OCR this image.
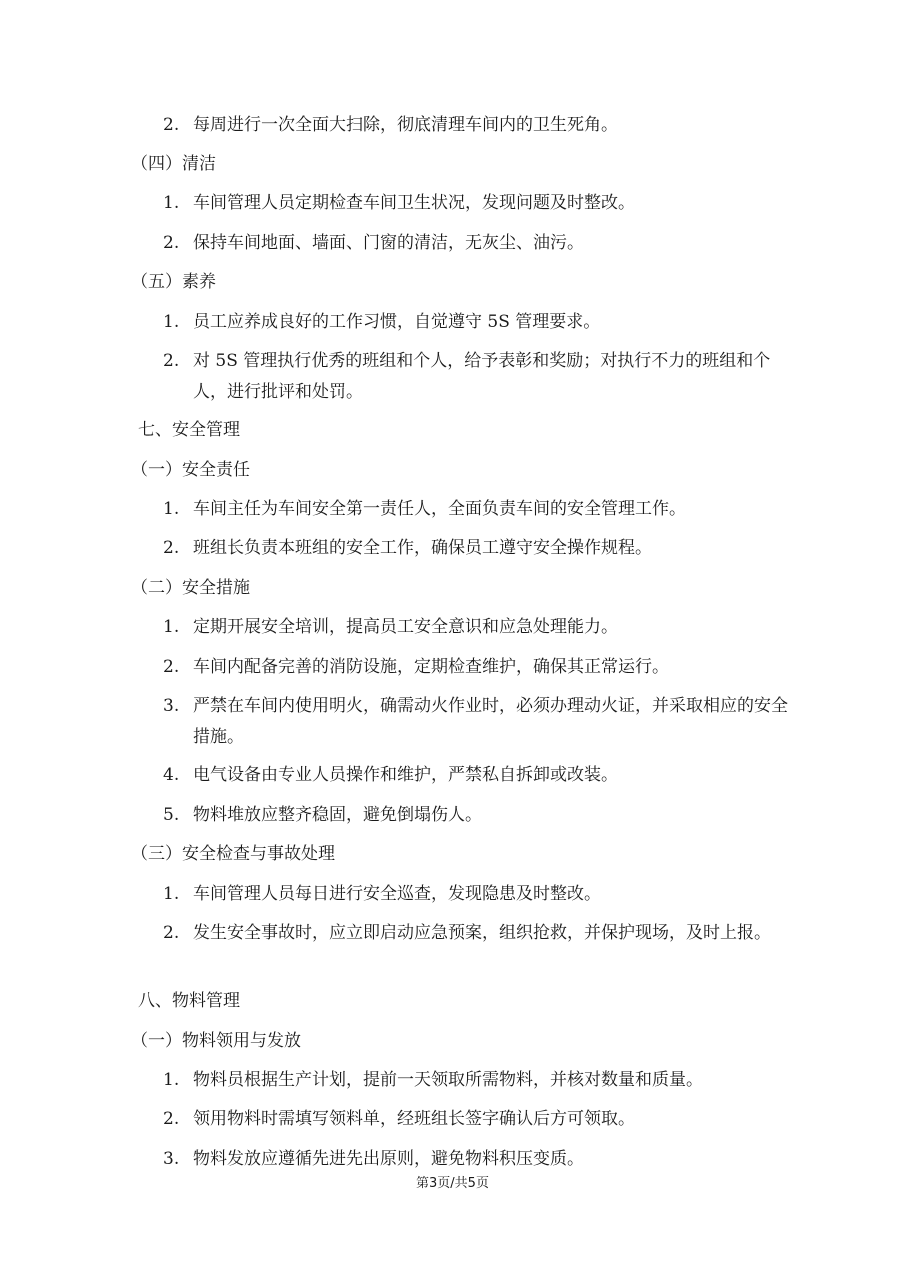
2. 每周进行一次全面大扫除，彻底清理车间内的卫生死角。
（四）清洁
1. 车间管理人员定期检查车间卫生状况，发现问题及时整改。
2. 保持车间地面、墙面、门窗的清洁，无灰尘、油污。
（五）素养
1. 员工应养成良好的工作习惯，自觉遵守 5S 管理要求。
2. 对 5S 管理执行优秀的班组和个人，给予表彰和奖励；对执行不力的班组和个人，进行批评和处罚。
七、安全管理
（一）安全责任
1. 车间主任为车间安全第一责任人，全面负责车间的安全管理工作。
2. 班组长负责本班组的安全工作，确保员工遵守安全操作规程。
（二）安全措施
1. 定期开展安全培训，提高员工安全意识和应急处理能力。
2. 车间内配备完善的消防设施，定期检查维护，确保其正常运行。
3. 严禁在车间内使用明火，确需动火作业时，必须办理动火证，并采取相应的安全措施。
4. 电气设备由专业人员操作和维护，严禁私自拆卸或改装。
5. 物料堆放应整齐稳固，避免倒塌伤人。
（三）安全检查与事故处理
1. 车间管理人员每日进行安全巡查，发现隐患及时整改。
2. 发生安全事故时，应立即启动应急预案，组织抢救，并保护现场，及时上报。
八、物料管理
（一）物料领用与发放
1. 物料员根据生产计划，提前一天领取所需物料，并核对数量和质量。
2. 领用物料时需填写领料单，经班组长签字确认后方可领取。
3. 物料发放应遵循先进先出原则，避免物料积压变质。
第3页/共5页
